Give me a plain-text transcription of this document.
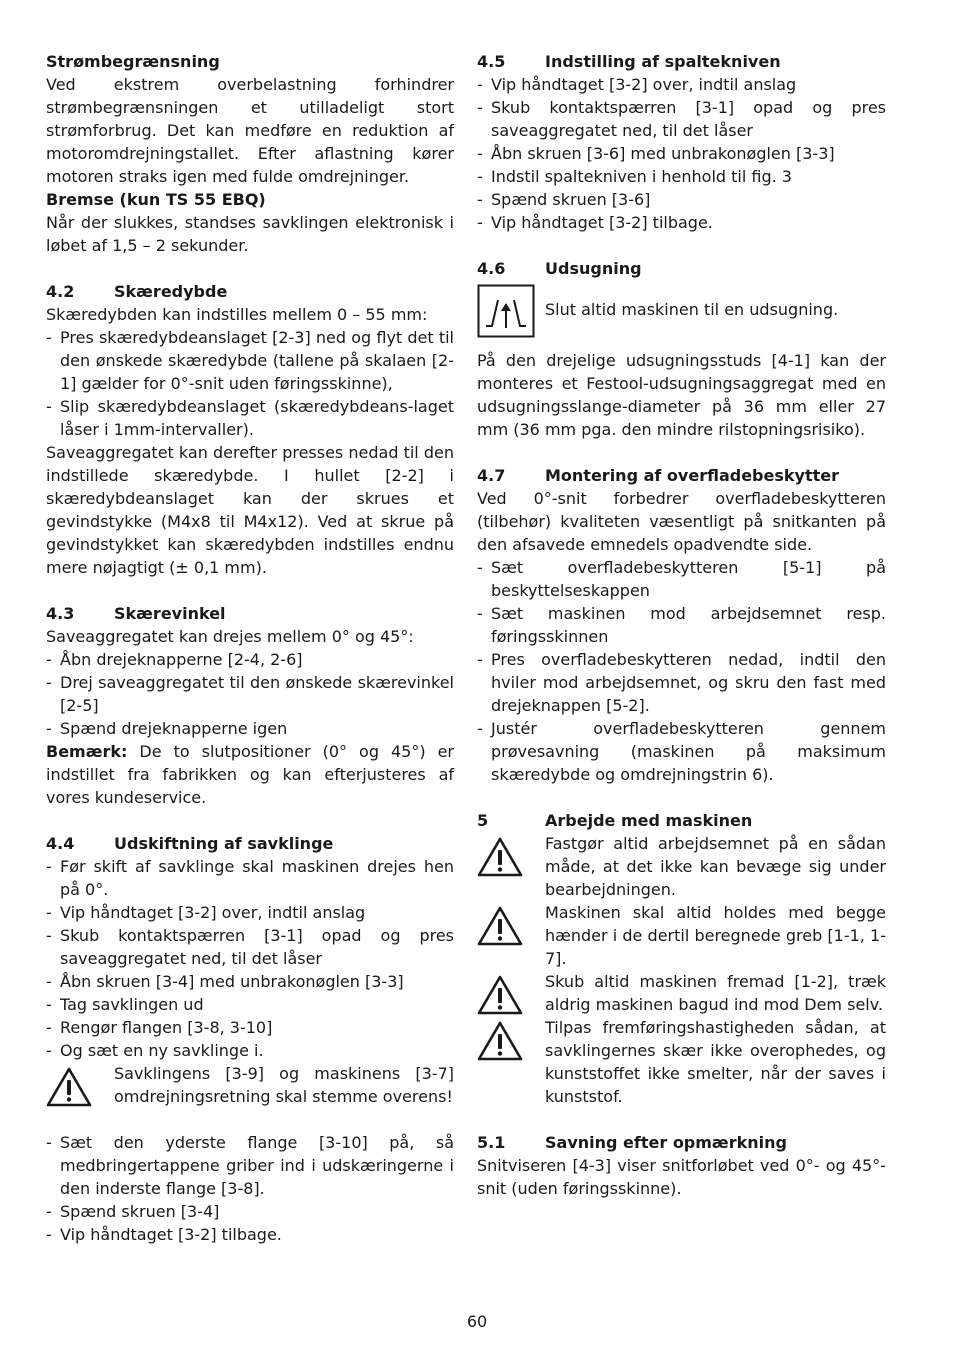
Strømbegrænsning

Ved ekstrem overbelastning forhindrer strømbegrænsningen et utilladeligt stort strømforbrug. Det kan medføre en reduktion af motoromdrejningstallet. Efter aflastning kører motoren straks igen med fulde omdrejninger.

Bremse (kun TS 55 EBQ)

Når der slukkes, standses savklingen elektronisk i løbet af 1,5 – 2 sekunder.

4.2	Skæredybde

Skæredybden kan indstilles mellem 0 – 55 mm:

- Pres skæredybdeanslaget [2-3] ned og flyt det til den ønskede skæredybde (tallene på skalaen [2-1] gælder for 0°-snit uden føringsskinne),
- Slip skæredybdeanslaget (skæredybdeans-laget låser i 1mm-intervaller).

Saveaggregatet kan derefter presses nedad til den indstillede skæredybde. I hullet [2-2] i skæredybdeanslaget kan der skrues et gevindstykke (M4x8 til M4x12). Ved at skrue på gevindstykket kan skæredybden indstilles endnu mere nøjagtigt (± 0,1 mm).

4.3	Skærevinkel

Saveaggregatet kan drejes mellem 0° og 45°:

- Åbn drejeknapperne [2-4, 2-6]
- Drej saveaggregatet til den ønskede skærevinkel [2-5]
- Spænd drejeknapperne igen

Bemærk: De to slutpositioner (0° og 45°) er indstillet fra fabrikken og kan efterjusteres af vores kundeservice.

4.4	Udskiftning af savklinge
- Før skift af savklinge skal maskinen drejes hen på 0°.
- Vip håndtaget [3-2] over, indtil anslag
- Skub kontaktspærren [3-1] opad og pres saveaggregatet ned, til det låser
- Åbn skruen [3-4] med unbrakonøglen [3-3]
- Tag savklingen ud
- Rengør flangen [3-8, 3-10]
- Og sæt en ny savklinge i.
Savklingens [3-9] og maskinens [3-7] omdrejningsretning skal stemme overens!
- Sæt den yderste flange [3-10] på, så medbringertappene griber ind i udskæringerne i den inderste flange [3-8].
- Spænd skruen [3-4]
- Vip håndtaget [3-2] tilbage.
4.5	Indstilling af spaltekniven
- Vip håndtaget [3-2] over, indtil anslag
- Skub kontaktspærren [3-1] opad og pres saveaggregatet ned, til det låser
- Åbn skruen [3-6] med unbrakonøglen [3-3]
- Indstil spaltekniven i henhold til fig. 3
- Spænd skruen [3-6]
- Vip håndtaget [3-2] tilbage.
4.6	Udsugning
Slut altid maskinen til en udsugning.

På den drejelige udsugningsstuds [4-1] kan der monteres et Festool-udsugningsaggregat med en udsugningsslange-diameter på 36 mm eller 27 mm (36 mm pga. den mindre rilstopningsrisiko).

4.7	Montering af overfladebeskytter

Ved 0°-snit forbedrer overfladebeskytteren (tilbehør) kvaliteten væsentligt på snitkanten på den afsavede emnedels opadvendte side.

- Sæt overfladebeskytteren [5-1] på beskyttelseskappen
- Sæt maskinen mod arbejdsemnet resp. føringsskinnen
- Pres overfladebeskytteren nedad, indtil den hviler mod arbejdsemnet, og skru den fast med drejeknappen [5-2].
- Justér overfladebeskytteren gennem prøvesavning (maskinen på maksimum skæredybde og omdrejningstrin 6).
5	Arbejde med maskinen
Fastgør altid arbejdsemnet på en sådan måde, at det ikke kan bevæge sig under bearbejdningen.
Maskinen skal altid holdes med begge hænder i de dertil beregnede greb [1-1, 1-7].
Skub altid maskinen fremad [1-2], træk aldrig maskinen bagud ind mod Dem selv.
Tilpas fremføringshastigheden sådan, at savklingernes skær ikke overophedes, og kunststoffet ikke smelter, når der saves i kunststof.
5.1	Savning efter opmærkning

Snitviseren [4-3] viser snitforløbet ved 0°- og 45°-snit (uden føringsskinne).

60
